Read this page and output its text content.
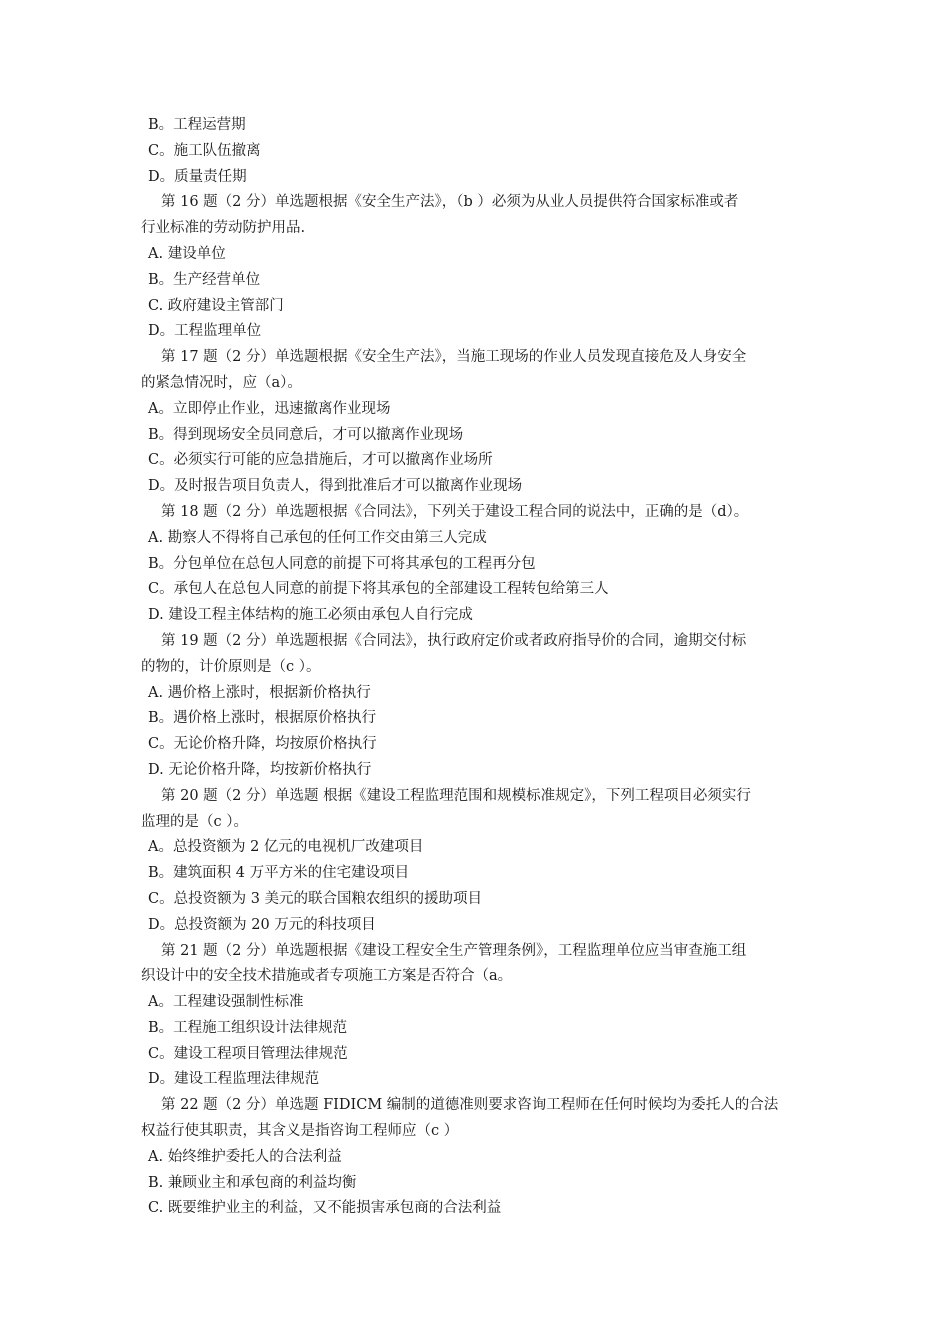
B。工程运营期
C。施工队伍撤离
D。质量责任期
第 16 题（2 分）单选题根据《安全生产法》，（b ）必须为从业人员提供符合国家标准或者
行业标准的劳动防护用品.
A. 建设单位
B。生产经营单位
C. 政府建设主管部门
D。工程监理单位
第 17 题（2 分）单选题根据《安全生产法》，当施工现场的作业人员发现直接危及人身安全
的紧急情况时，应（a）。
A。立即停止作业，迅速撤离作业现场
B。得到现场安全员同意后，才可以撤离作业现场
C。必须实行可能的应急措施后，才可以撤离作业场所
D。及时报告项目负责人，得到批准后才可以撤离作业现场
第 18 题（2 分）单选题根据《合同法》，下列关于建设工程合同的说法中，正确的是（d）。
A. 勘察人不得将自己承包的任何工作交由第三人完成
B。分包单位在总包人同意的前提下可将其承包的工程再分包
C。承包人在总包人同意的前提下将其承包的全部建设工程转包给第三人
D. 建设工程主体结构的施工必须由承包人自行完成
第 19 题（2 分）单选题根据《合同法》，执行政府定价或者政府指导价的合同，逾期交付标
的物的，计价原则是（c ）。
A. 遇价格上涨时，根据新价格执行
B。遇价格上涨时，根据原价格执行
C。无论价格升降，均按原价格执行
D. 无论价格升降，均按新价格执行
第 20 题（2 分）单选题 根据《建设工程监理范围和规模标准规定》，下列工程项目必须实行
监理的是（c ）。
A。总投资额为 2 亿元的电视机厂改建项目
B。建筑面积 4 万平方米的住宅建设项目
C。总投资额为 3 美元的联合国粮农组织的援助项目
D。总投资额为 20 万元的科技项目
第 21 题（2 分）单选题根据《建设工程安全生产管理条例》，工程监理单位应当审查施工组
织设计中的安全技术措施或者专项施工方案是否符合（a。
A。工程建设强制性标准
B。工程施工组织设计法律规范
C。建设工程项目管理法律规范
D。建设工程监理法律规范
第 22 题（2 分）单选题 FIDICM 编制的道德准则要求咨询工程师在任何时候均为委托人的合法
权益行使其职责，其含义是指咨询工程师应（c ）
A. 始终维护委托人的合法利益
B. 兼顾业主和承包商的利益均衡
C. 既要维护业主的利益，又不能损害承包商的合法利益
